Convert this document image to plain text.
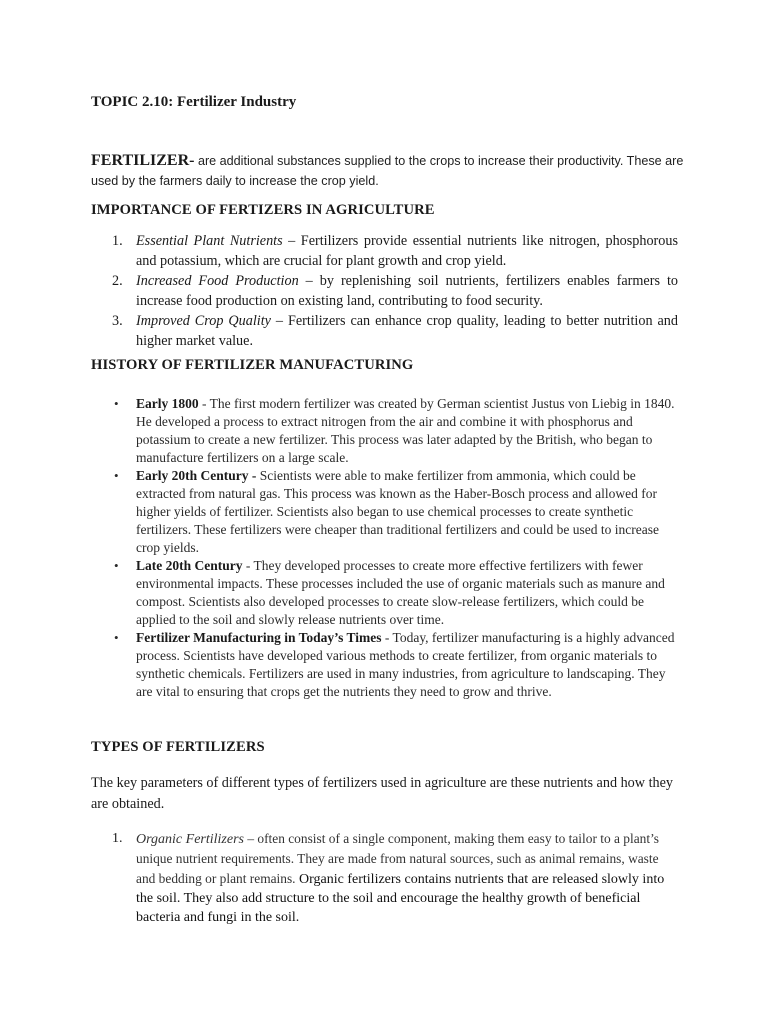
TOPIC 2.10: Fertilizer Industry
FERTILIZER- are additional substances supplied to the crops to increase their productivity. These are used by the farmers daily to increase the crop yield.
IMPORTANCE OF FERTIZERS IN AGRICULTURE
1. Essential Plant Nutrients – Fertilizers provide essential nutrients like nitrogen, phosphorous and potassium, which are crucial for plant growth and crop yield.
2. Increased Food Production – by replenishing soil nutrients, fertilizers enables farmers to increase food production on existing land, contributing to food security.
3. Improved Crop Quality – Fertilizers can enhance crop quality, leading to better nutrition and higher market value.
HISTORY OF FERTILIZER MANUFACTURING
• Early 1800 - The first modern fertilizer was created by German scientist Justus von Liebig in 1840. He developed a process to extract nitrogen from the air and combine it with phosphorus and potassium to create a new fertilizer. This process was later adapted by the British, who began to manufacture fertilizers on a large scale.
• Early 20th Century - Scientists were able to make fertilizer from ammonia, which could be extracted from natural gas. This process was known as the Haber-Bosch process and allowed for higher yields of fertilizer. Scientists also began to use chemical processes to create synthetic fertilizers. These fertilizers were cheaper than traditional fertilizers and could be used to increase crop yields.
• Late 20th Century - They developed processes to create more effective fertilizers with fewer environmental impacts. These processes included the use of organic materials such as manure and compost. Scientists also developed processes to create slow-release fertilizers, which could be applied to the soil and slowly release nutrients over time.
• Fertilizer Manufacturing in Today’s Times - Today, fertilizer manufacturing is a highly advanced process. Scientists have developed various methods to create fertilizer, from organic materials to synthetic chemicals. Fertilizers are used in many industries, from agriculture to landscaping. They are vital to ensuring that crops get the nutrients they need to grow and thrive.
TYPES OF FERTILIZERS
The key parameters of different types of fertilizers used in agriculture are these nutrients and how they are obtained.
1. Organic Fertilizers – often consist of a single component, making them easy to tailor to a plant’s unique nutrient requirements. They are made from natural sources, such as animal remains, waste and bedding or plant remains. Organic fertilizers contains nutrients that are released slowly into the soil. They also add structure to the soil and encourage the healthy growth of beneficial bacteria and fungi in the soil.
